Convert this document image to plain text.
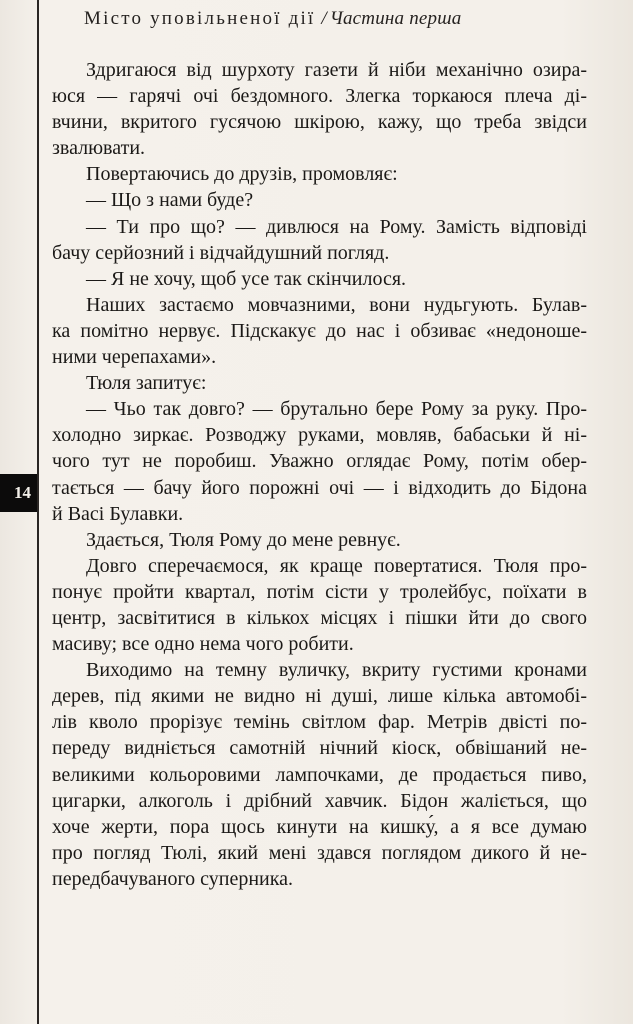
Місто уповільненої дії / Частина перша
14
Здригаюся від шурхоту газети й ніби механічно озира-
юся — гарячі очі бездомного. Злегка торкаюся плеча ді-
вчини, вкритого гусячою шкірою, кажу, що треба звідси
звалювати.
Повертаючись до друзів, промовляє:
— Що з нами буде?
— Ти про що? — дивлюся на Рому. Замість відповіді
бачу серйозний і відчайдушний погляд.
— Я не хочу, щоб усе так скінчилося.
Наших застаємо мовчазними, вони нудьгують. Булав-
ка помітно нервує. Підскакує до нас і обзиває «недоноше-
ними черепахами».
Тюля запитує:
— Чьо так довго? — брутально бере Рому за руку. Про-
холодно зиркає. Розводжу руками, мовляв, бабаськи й ні-
чого тут не поробиш. Уважно оглядає Рому, потім обер-
тається — бачу його порожні очі — і відходить до Бідона
й Васі Булавки.
Здається, Тюля Рому до мене ревнує.
Довго сперечаємося, як краще повертатися. Тюля про-
понує пройти квартал, потім сісти у тролейбус, поїхати в
центр, засвітитися в кількох місцях і пішки йти до свого
масиву; все одно нема чого робити.
Виходимо на темну вуличку, вкриту густими кронами
дерев, під якими не видно ні душі, лише кілька автомобі-
лів кволо прорізує темінь світлом фар. Метрів двісті по-
переду видніється самотній нічний кіоск, обвішаний не-
великими кольоровими лампочками, де продається пиво,
цигарки, алкоголь і дрібний хавчик. Бідон жаліється, що
хоче жерти, пора щось кинути на кишку́, а я все думаю
про погляд Тюлі, який мені здався поглядом дикого й не-
передбачуваного суперника.
